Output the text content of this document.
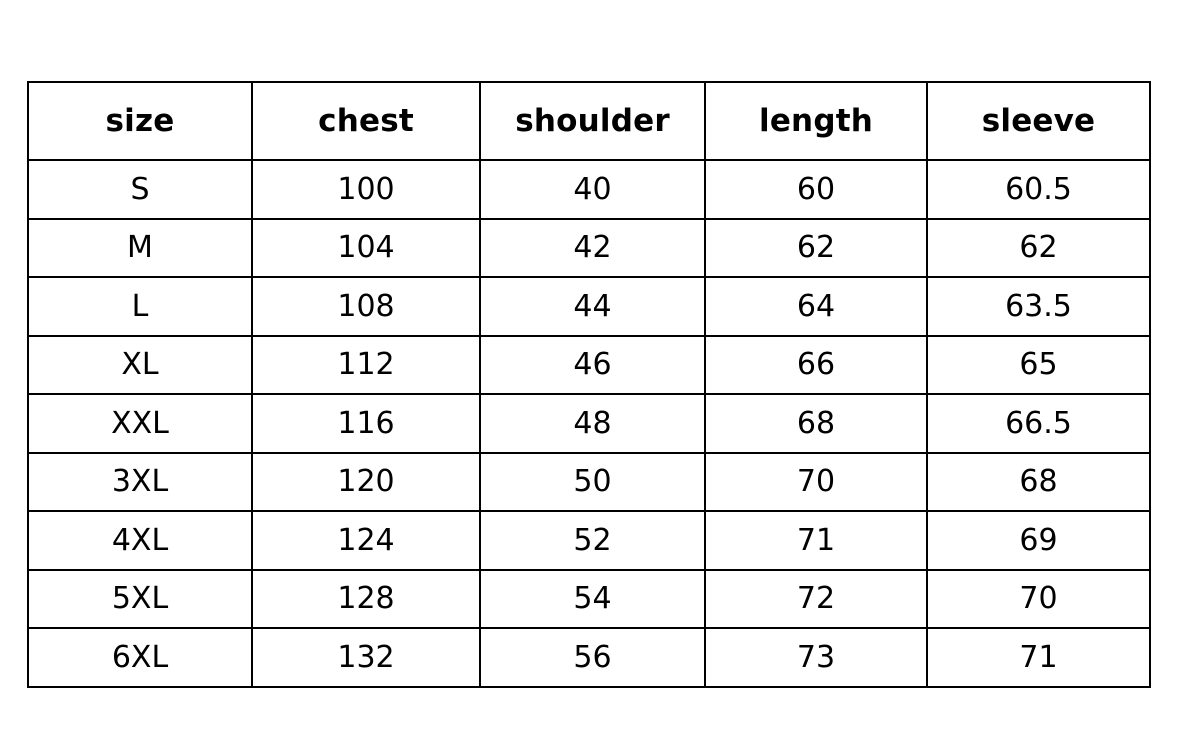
size	chest	shoulder	length	sleeve
S	100	40	60	60.5
M	104	42	62	62
L	108	44	64	63.5
XL	112	46	66	65
XXL	116	48	68	66.5
3XL	120	50	70	68
4XL	124	52	71	69
5XL	128	54	72	70
6XL	132	56	73	71
